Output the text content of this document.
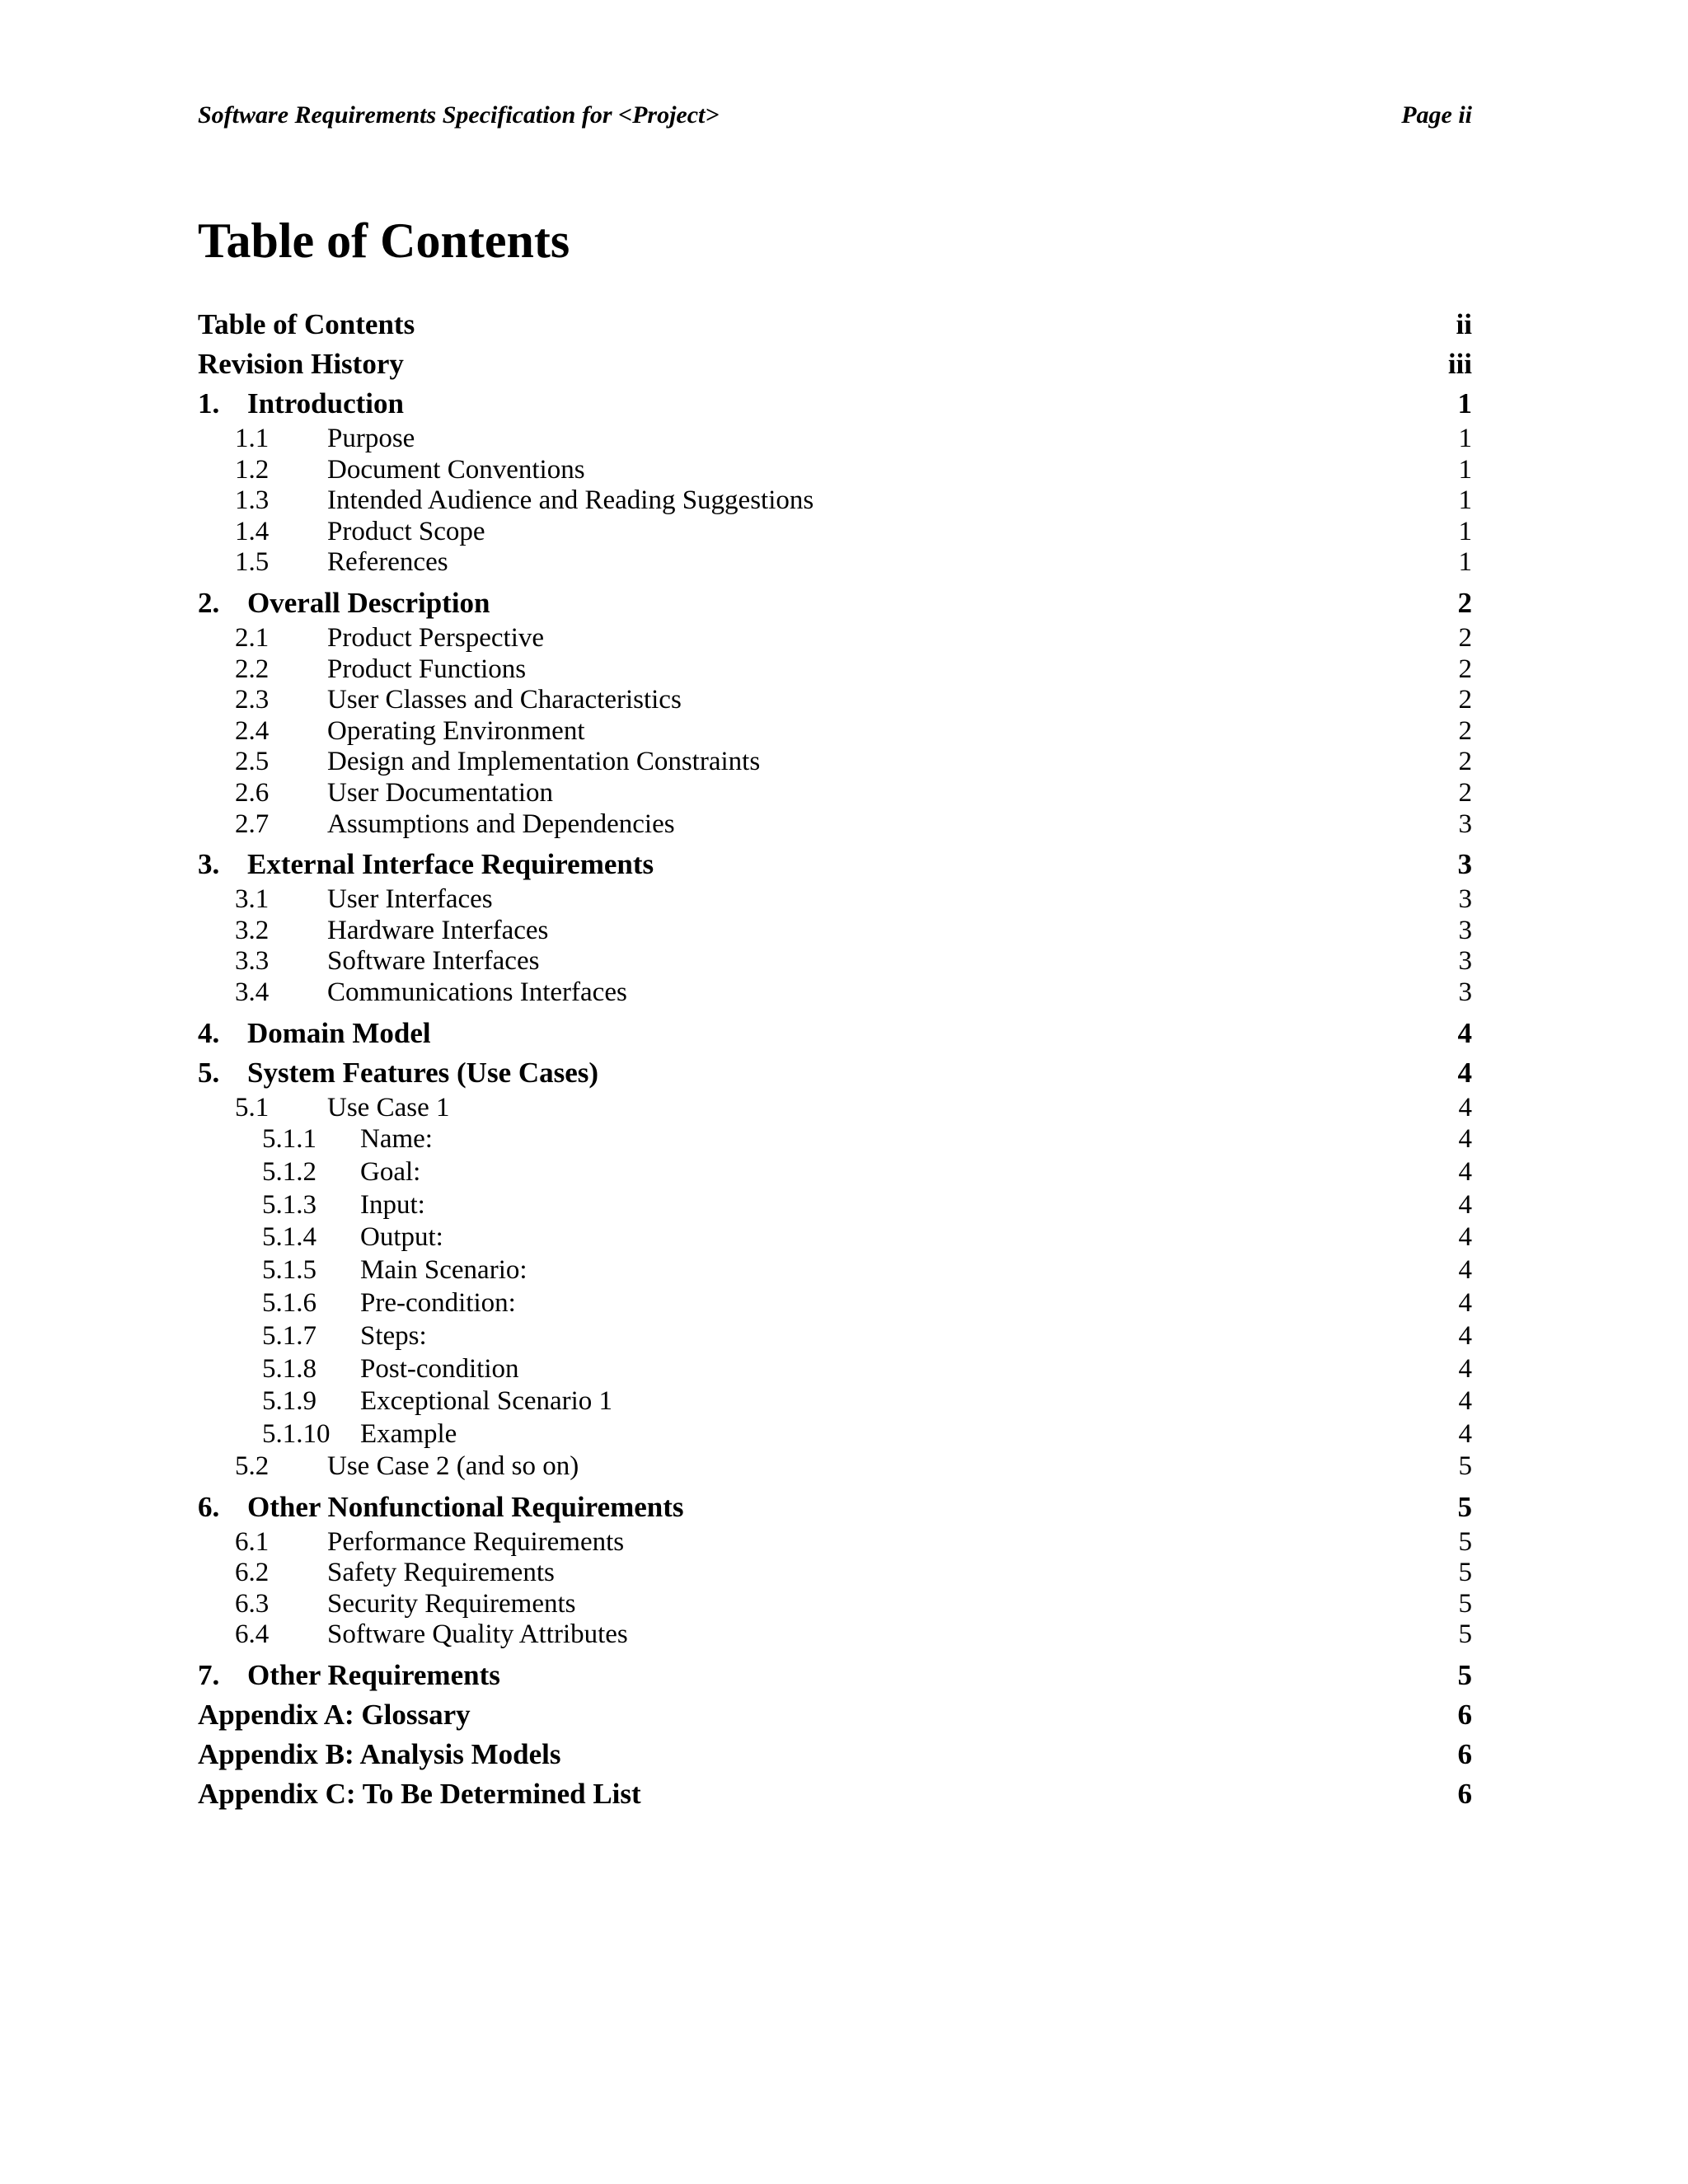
Software Requirements Specification for <Project>	Page ii
Table of Contents
Table of Contents	ii
Revision History	iii
1. Introduction	1
1.1	Purpose	1
1.2	Document Conventions	1
1.3	Intended Audience and Reading Suggestions	1
1.4	Product Scope	1
1.5	References	1
2. Overall Description	2
2.1	Product Perspective	2
2.2	Product Functions	2
2.3	User Classes and Characteristics	2
2.4	Operating Environment	2
2.5	Design and Implementation Constraints	2
2.6	User Documentation	2
2.7	Assumptions and Dependencies	3
3. External Interface Requirements	3
3.1	User Interfaces	3
3.2	Hardware Interfaces	3
3.3	Software Interfaces	3
3.4	Communications Interfaces	3
4. Domain Model	4
5. System Features (Use Cases)	4
5.1	Use Case 1	4
5.1.1	Name:	4
5.1.2	Goal:	4
5.1.3	Input:	4
5.1.4	Output:	4
5.1.5	Main Scenario:	4
5.1.6	Pre-condition:	4
5.1.7	Steps:	4
5.1.8	Post-condition	4
5.1.9	Exceptional Scenario 1	4
5.1.10	Example	4
5.2	Use Case 2 (and so on)	5
6. Other Nonfunctional Requirements	5
6.1	Performance Requirements	5
6.2	Safety Requirements	5
6.3	Security Requirements	5
6.4	Software Quality Attributes	5
7. Other Requirements	5
Appendix A: Glossary	6
Appendix B: Analysis Models	6
Appendix C: To Be Determined List	6
